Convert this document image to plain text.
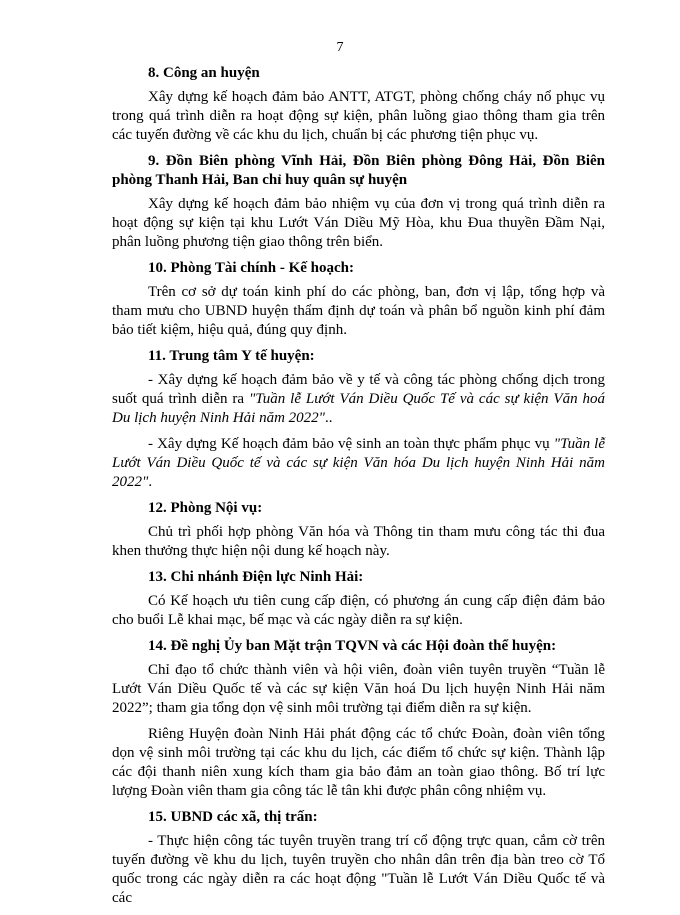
7
8. Công an huyện
Xây dựng kế hoạch đảm bảo ANTT, ATGT, phòng chống cháy nổ phục vụ trong quá trình diễn ra hoạt động sự kiện, phân luồng giao thông tham gia trên các tuyến đường về các khu du lịch, chuẩn bị các phương tiện phục vụ.
9. Đồn Biên phòng Vĩnh Hải, Đồn Biên phòng Đông Hải, Đồn Biên phòng Thanh Hải, Ban chỉ huy quân sự huyện
Xây dựng kế hoạch đảm bảo nhiệm vụ của đơn vị trong quá trình diễn ra hoạt động sự kiện tại khu Lướt Ván Diều Mỹ Hòa, khu Đua thuyền Đầm Nại, phân luồng phương tiện giao thông trên biển.
10. Phòng Tài chính - Kế hoạch:
Trên cơ sở dự toán kinh phí do các phòng, ban, đơn vị lập, tổng hợp và tham mưu cho UBND huyện thẩm định dự toán và phân bổ nguồn kinh phí đảm bảo tiết kiệm, hiệu quả, đúng quy định.
11. Trung tâm Y tế huyện:
- Xây dựng kế hoạch đảm bảo về y tế và công tác phòng chống dịch trong suốt quá trình diễn ra "Tuần lễ Lướt Ván Diều Quốc Tế và các sự kiện Văn hoá Du lịch huyện Ninh Hải năm 2022"..
- Xây dựng Kế hoạch đảm bảo vệ sinh an toàn thực phẩm phục vụ "Tuần lễ Lướt Ván Diều Quốc tế và các sự kiện Văn hóa Du lịch huyện Ninh Hải năm 2022".
12. Phòng Nội vụ:
Chủ trì phối hợp phòng Văn hóa và Thông tin tham mưu công tác thi đua khen thưởng thực hiện nội dung kế hoạch này.
13. Chi nhánh Điện lực Ninh Hải:
Có Kế hoạch ưu tiên cung cấp điện, có phương án cung cấp điện đảm bảo cho buổi Lễ khai mạc, bế mạc và các ngày diễn ra sự kiện.
14. Đề nghị Ủy ban Mặt trận TQVN và các Hội đoàn thể huyện:
Chỉ đạo tổ chức thành viên và hội viên, đoàn viên tuyên truyền “Tuần lễ Lướt Ván Diều Quốc tế và các sự kiện Văn hoá Du lịch huyện Ninh Hải năm 2022”; tham gia tổng dọn vệ sinh môi trường tại điểm diễn ra sự kiện.
Riêng Huyện đoàn Ninh Hải phát động các tổ chức Đoàn, đoàn viên tổng dọn vệ sinh môi trường tại các khu du lịch, các điểm tổ chức sự kiện. Thành lập các đội thanh niên xung kích tham gia bảo đảm an toàn giao thông. Bố trí lực lượng Đoàn viên tham gia công tác lễ tân khi được phân công nhiệm vụ.
15. UBND các xã, thị trấn:
- Thực hiện công tác tuyên truyền trang trí cổ động trực quan, cắm cờ trên tuyến đường về khu du lịch, tuyên truyền cho nhân dân trên địa bàn treo cờ Tổ quốc trong các ngày diễn ra các hoạt động "Tuần lễ Lướt Ván Diều Quốc tế và các
